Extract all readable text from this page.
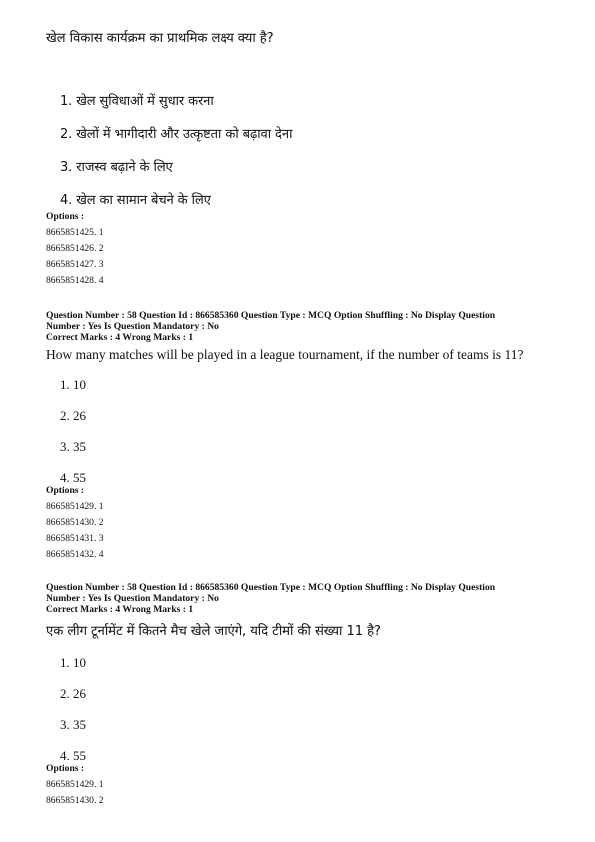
खेल विकास कार्यक्रम का प्राथमिक लक्ष्य क्या है?
1. खेल सुविधाओं में सुधार करना
2. खेलों में भागीदारी और उत्कृष्टता को बढ़ावा देना
3. राजस्व बढ़ाने के लिए
4. खेल का सामान बेचने के लिए
Options :
8665851425. 1
8665851426. 2
8665851427. 3
8665851428. 4
Question Number : 58 Question Id : 866585360 Question Type : MCQ Option Shuffling : No Display Question
Number : Yes Is Question Mandatory : No
Correct Marks : 4 Wrong Marks : 1
How many matches will be played in a league tournament, if the number of teams is 11?
1. 10
2. 26
3. 35
4. 55
Options :
8665851429. 1
8665851430. 2
8665851431. 3
8665851432. 4
Question Number : 58 Question Id : 866585360 Question Type : MCQ Option Shuffling : No Display Question
Number : Yes Is Question Mandatory : No
Correct Marks : 4 Wrong Marks : 1
एक लीग टूर्नामेंट में कितने मैच खेले जाएंगे, यदि टीमों की संख्या 11 है?
1. 10
2. 26
3. 35
4. 55
Options :
8665851429. 1
8665851430. 2
